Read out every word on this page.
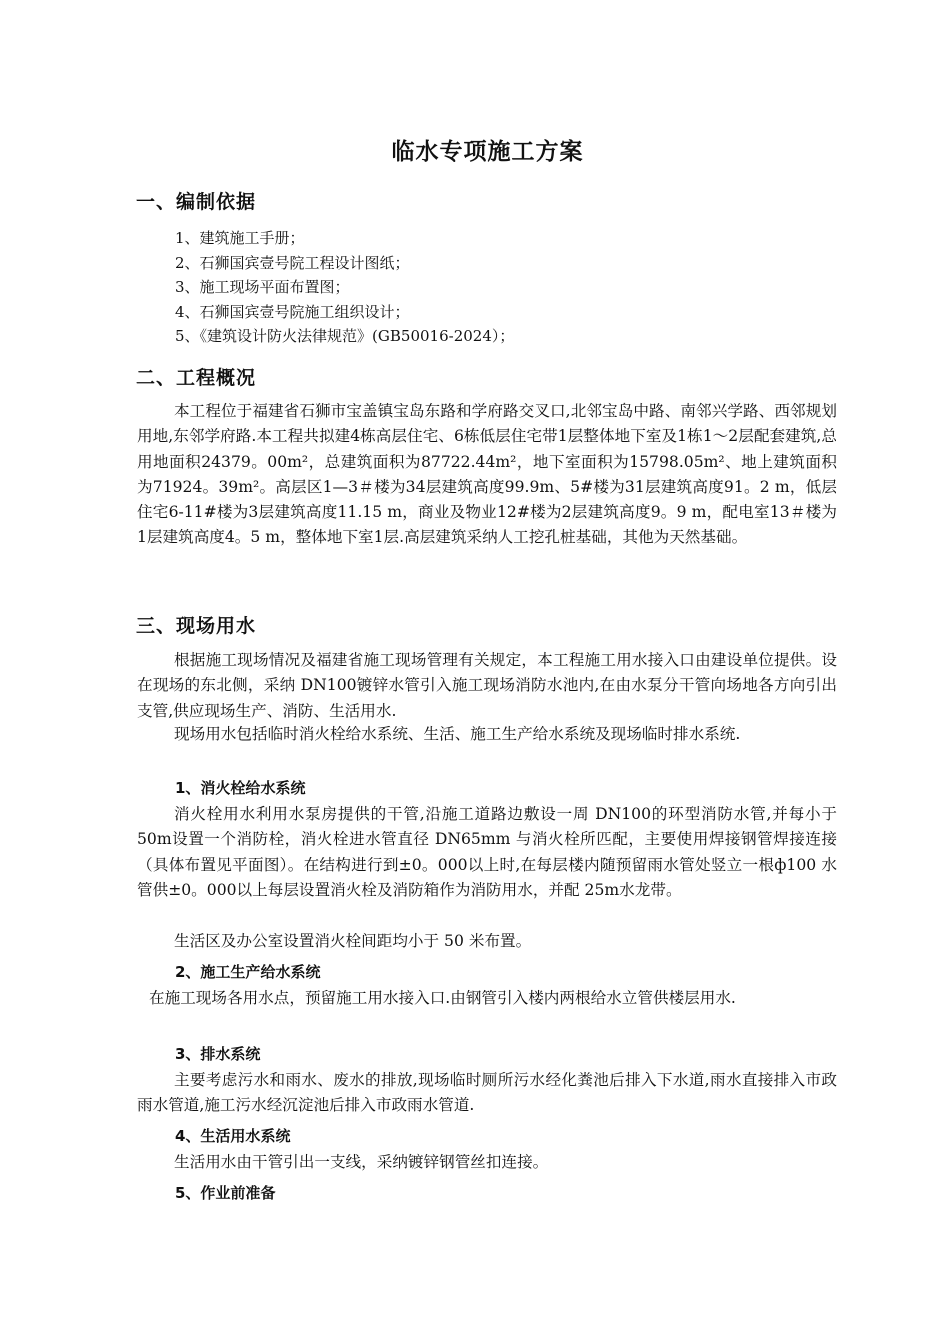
临水专项施工方案
一、编制依据
1、建筑施工手册；
2、石狮国宾壹号院工程设计图纸；
3、施工现场平面布置图；
4、石狮国宾壹号院施工组织设计；
5、《建筑设计防火法律规范》(GB50016-2024）；
二、工程概况

本工程位于福建省石狮市宝盖镇宝岛东路和学府路交叉口,北邻宝岛中路、南邻兴学路、西邻规划用地,东邻学府路.本工程共拟建4栋高层住宅、6栋低层住宅带1层整体地下室及1栋1～2层配套建筑,总用地面积24379。00m²，总建筑面积为87722.44m²，地下室面积为15798.05m²、地上建筑面积为71924。39m²。高层区1—3＃楼为34层建筑高度99.9m、5#楼为31层建筑高度91。2 m，低层住宅6-11#楼为3层建筑高度11.15 m，商业及物业12#楼为2层建筑高度9。9 m，配电室13＃楼为1层建筑高度4。5 m，整体地下室1层.高层建筑采纳人工挖孔桩基础，其他为天然基础。

三、现场用水

根据施工现场情况及福建省施工现场管理有关规定，本工程施工用水接入口由建设单位提供。设在现场的东北侧，采纳 DN100镀锌水管引入施工现场消防水池内,在由水泵分干管向场地各方向引出支管,供应现场生产、消防、生活用水.

现场用水包括临时消火栓给水系统、生活、施工生产给水系统及现场临时排水系统.

1、消火栓给水系统

消火栓用水利用水泵房提供的干管,沿施工道路边敷设一周 DN100的环型消防水管,并每小于 50m设置一个消防栓，消火栓进水管直径 DN65mm 与消火栓所匹配，主要使用焊接钢管焊接连接（具体布置见平面图）。在结构进行到±0。000以上时,在每层楼内随预留雨水管处竖立一根ф100 水管供±0。000以上每层设置消火栓及消防箱作为消防用水，并配 25m水龙带。

生活区及办公室设置消火栓间距均小于 50 米布置。

2、施工生产给水系统

在施工现场各用水点，预留施工用水接入口.由钢管引入楼内两根给水立管供楼层用水.

3、排水系统

主要考虑污水和雨水、废水的排放,现场临时厕所污水经化粪池后排入下水道,雨水直接排入市政雨水管道,施工污水经沉淀池后排入市政雨水管道.

4、生活用水系统

生活用水由干管引出一支线，采纳镀锌钢管丝扣连接。

5、作业前准备
